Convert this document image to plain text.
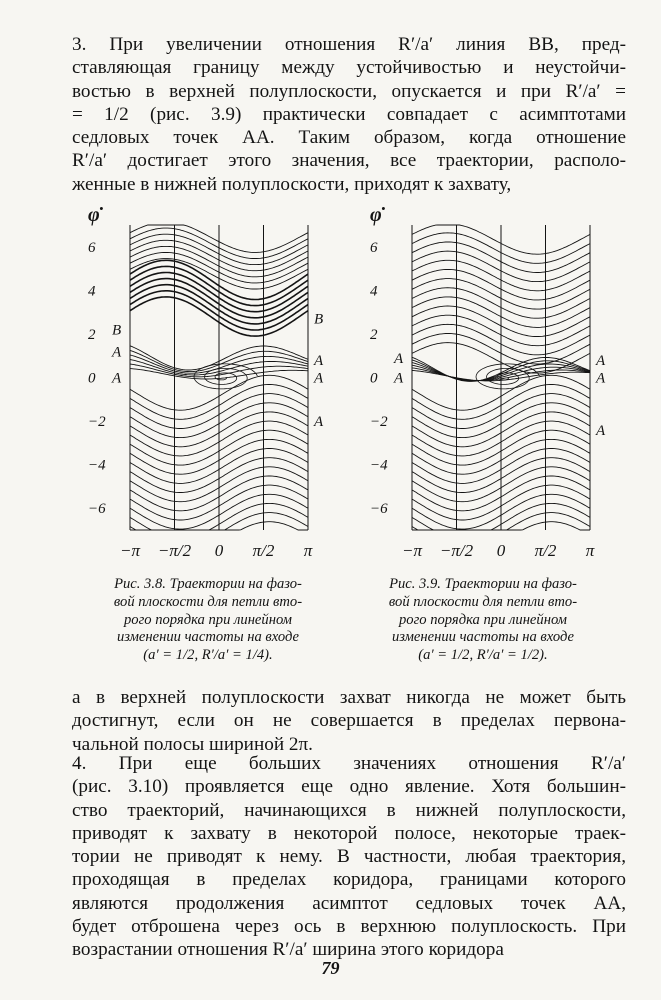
3. При увеличении отношения R′/a′ линия BB, пред-
ставляющая границу между устойчивостью и неустойчи-
востью в верхней полуплоскости, опускается и при R′/a′ =
= 1/2 (рис. 3.9) практически совпадает с асимптотами
седловых точек AA. Таким образом, когда отношение
R′/a′ достигает этого значения, все траектории, располо-
женные в нижней полуплоскости, приходят к захвату,
φ̇
6
4
2
0
−2
−4
−6
−π −π/2 0 π/2 π
B
A
A
B
A
A
A
φ̇
6
4
2
0
−2
−4
−6
−π −π/2 0 π/2 π
A
A
A
A
A
Рис. 3.8. Траектории на фазо-
вой плоскости для петли вто-
рого порядка при линейном
изменении частоты на входе
(a′ = 1/2, R′/a′ = 1/4).
Рис. 3.9. Траектории на фазо-
вой плоскости для петли вто-
рого порядка при линейном
изменении частоты на входе
(a′ = 1/2, R′/a′ = 1/2).
а в верхней полуплоскости захват никогда не может быть
достигнут, если он не совершается в пределах первона-
чальной полосы шириной 2π.
4. При еще больших значениях отношения R′/a′
(рис. 3.10) проявляется еще одно явление. Хотя большин-
ство траекторий, начинающихся в нижней полуплоскости,
приводят к захвату в некоторой полосе, некоторые траек-
тории не приводят к нему. В частности, любая траектория,
проходящая в пределах коридора, границами которого
являются продолжения асимптот седловых точек AA,
будет отброшена через ось в верхнюю полуплоскость. При
возрастании отношения R′/a′ ширина этого коридора
79
